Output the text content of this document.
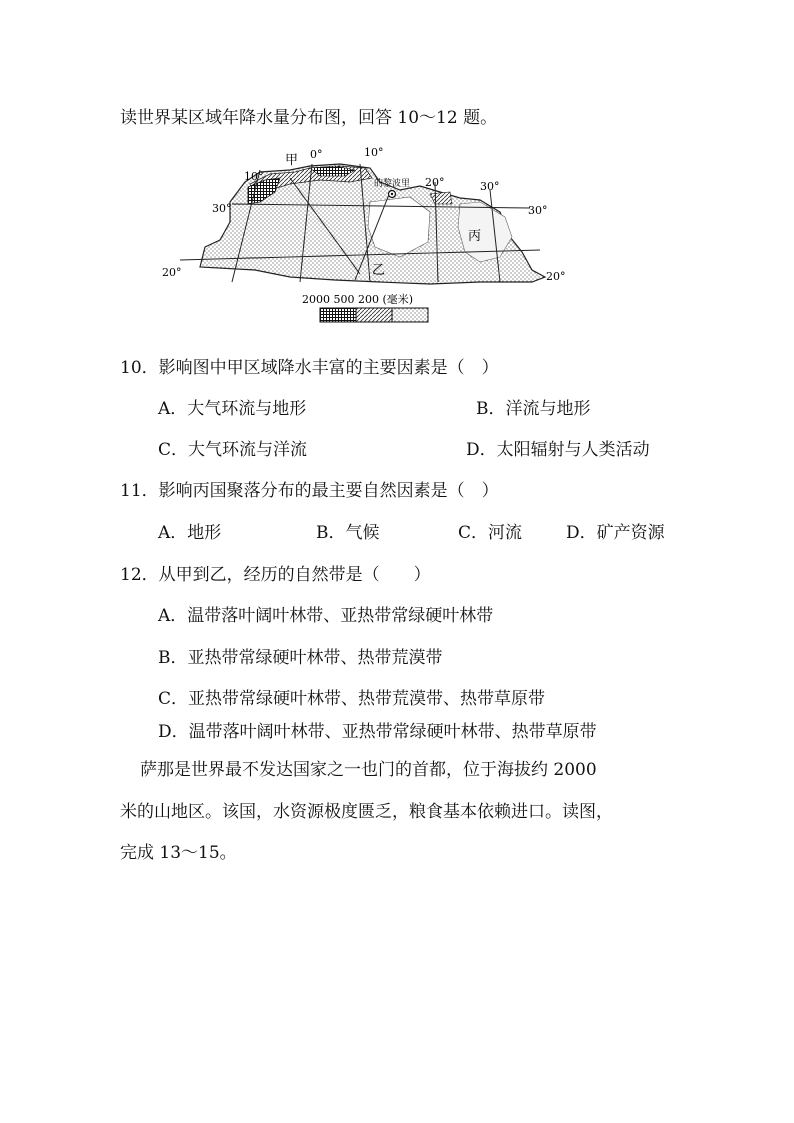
读世界某区域年降水量分布图，回答 10～12 题。
甲
乙
丙
的黎波里
10°
0°	10°
20°	30°
30°
20°
30°
20°
2000 500 200 (毫米)
10．影响图中甲区域降水丰富的主要因素是（　）
A．大气环流与地形	B．洋流与地形
C．大气环流与洋流	D．太阳辐射与人类活动
11．影响丙国聚落分布的最主要自然因素是（　）
A．地形	B．气候	C．河流	D．矿产资源
12．从甲到乙，经历的自然带是（　　）
A．温带落叶阔叶林带、亚热带常绿硬叶林带
B．亚热带常绿硬叶林带、热带荒漠带
C．亚热带常绿硬叶林带、热带荒漠带、热带草原带
D．温带落叶阔叶林带、亚热带常绿硬叶林带、热带草原带
萨那是世界最不发达国家之一也门的首都，位于海拔约 2000
米的山地区。该国，水资源极度匮乏，粮食基本依赖进口。读图，
完成 13～15。
